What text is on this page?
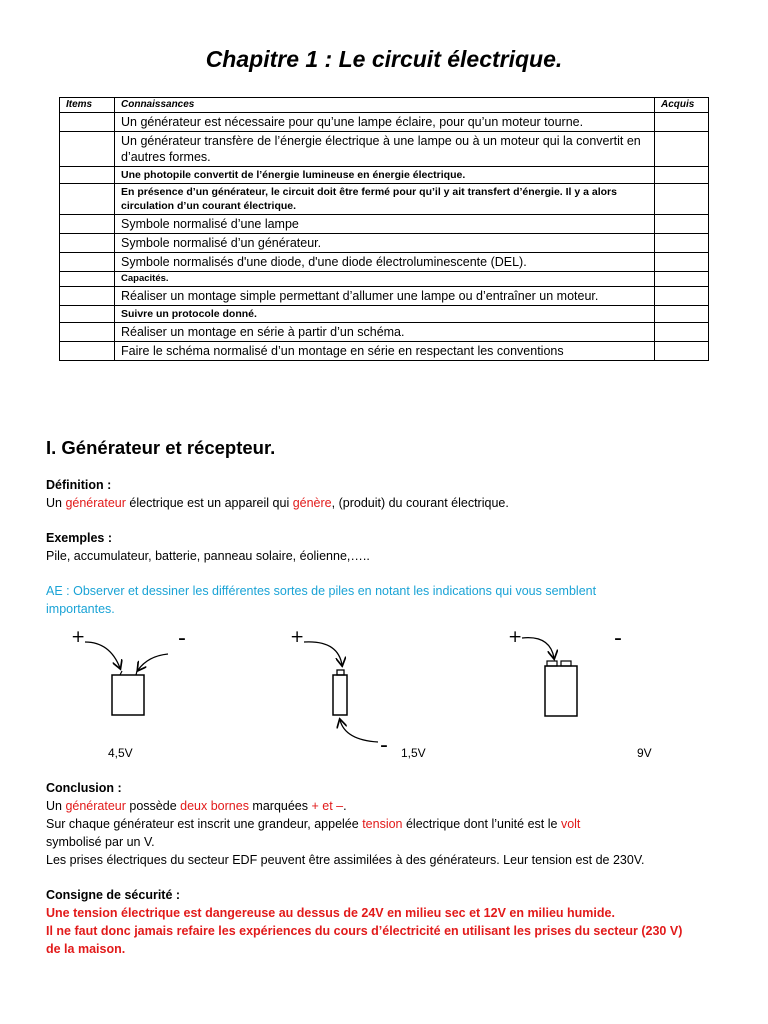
Chapitre 1 : Le circuit électrique.
Items	Connaissances	Acquis
	Un générateur est nécessaire pour qu’une lampe éclaire, pour qu’un moteur tourne.	
	Un générateur transfère de l’énergie électrique à une lampe ou à un moteur qui la convertit en d’autres formes.	
	Une photopile convertit de l’énergie lumineuse en énergie électrique.	
	En présence d’un générateur, le circuit doit être fermé pour qu’il y ait transfert d’énergie. Il y a alors circulation d’un courant électrique.	
	Symbole normalisé d’une lampe	
	Symbole normalisé d’un générateur.	
	Symbole normalisés d'une diode, d'une diode électroluminescente (DEL).	
	Capacités.	
	Réaliser un montage simple permettant d’allumer une lampe ou d’entraîner un moteur.	
	Suivre un protocole donné.	
	Réaliser un montage en série à partir d’un schéma.	
	Faire le schéma normalisé d’un montage en série en respectant les conventions	
I. Générateur et récepteur.

Définition :

Un générateur électrique est un appareil qui génère, (produit) du courant électrique.

Exemples :

Pile, accumulateur, batterie, panneau solaire, éolienne,…..

AE : Observer et dessiner les différentes sortes de piles en notant les indications qui vous semblent

importantes.

+	-	+
-
+	-
4,5V	1,5V	9V

Conclusion :

Un générateur possède deux bornes marquées + et –.

Sur chaque générateur est inscrit une grandeur, appelée tension électrique dont l’unité est le volt

symbolisé par un V.

Les prises électriques du secteur EDF peuvent être assimilées à des générateurs. Leur tension est de 230V.

Consigne de sécurité :

Une tension électrique est dangereuse au dessus de 24V en milieu sec et 12V en milieu humide.

Il ne faut donc jamais refaire les expériences du cours d’électricité en utilisant les prises du secteur (230 V)

de la maison.
